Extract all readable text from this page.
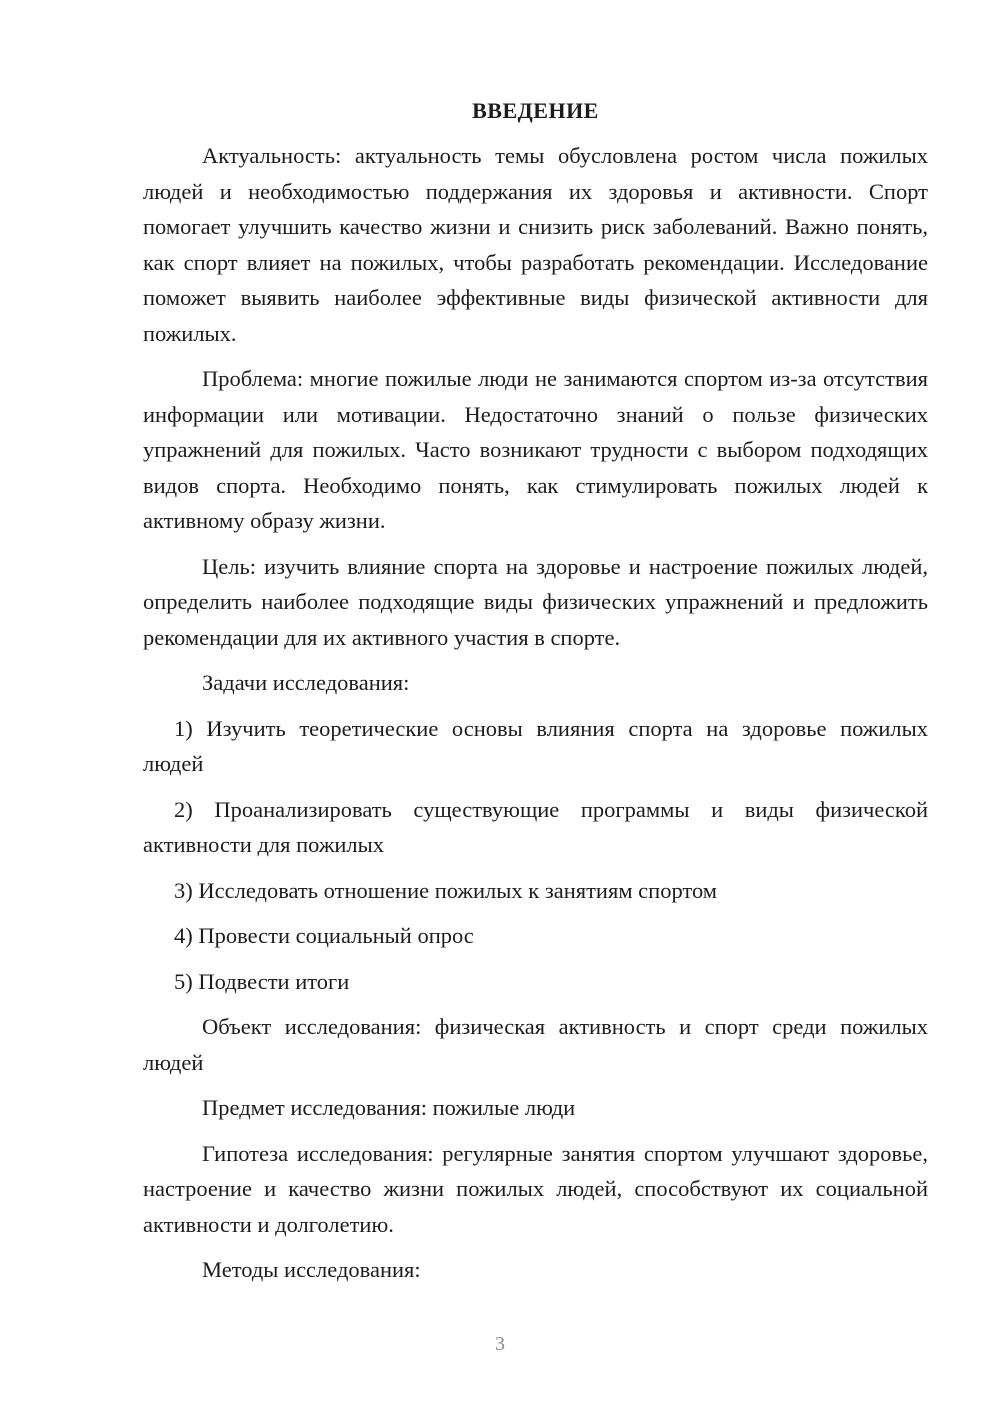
ВВЕДЕНИЕ

Актуальность: актуальность темы обусловлена ростом числа пожилых людей и необходимостью поддержания их здоровья и активности. Спорт помогает улучшить качество жизни и снизить риск заболеваний. Важно понять, как спорт влияет на пожилых, чтобы разработать рекомендации. Исследование поможет выявить наиболее эффективные виды физической активности для пожилых.

Проблема: многие пожилые люди не занимаются спортом из-за отсутствия информации или мотивации. Недостаточно знаний о пользе физических упражнений для пожилых. Часто возникают трудности с выбором подходящих видов спорта. Необходимо понять, как стимулировать пожилых людей к активному образу жизни.

Цель: изучить влияние спорта на здоровье и настроение пожилых людей, определить наиболее подходящие виды физических упражнений и предложить рекомендации для их активного участия в спорте.

Задачи исследования:

1) Изучить теоретические основы влияния спорта на здоровье пожилых людей

2) Проанализировать существующие программы и виды физической активности для пожилых

3) Исследовать отношение пожилых к занятиям спортом

4) Провести социальный опрос

5) Подвести итоги

Объект исследования: физическая активность и спорт среди пожилых людей

Предмет исследования: пожилые люди

Гипотеза исследования: регулярные занятия спортом улучшают здоровье, настроение и качество жизни пожилых людей, способствуют их социальной активности и долголетию.

Методы исследования:

3
